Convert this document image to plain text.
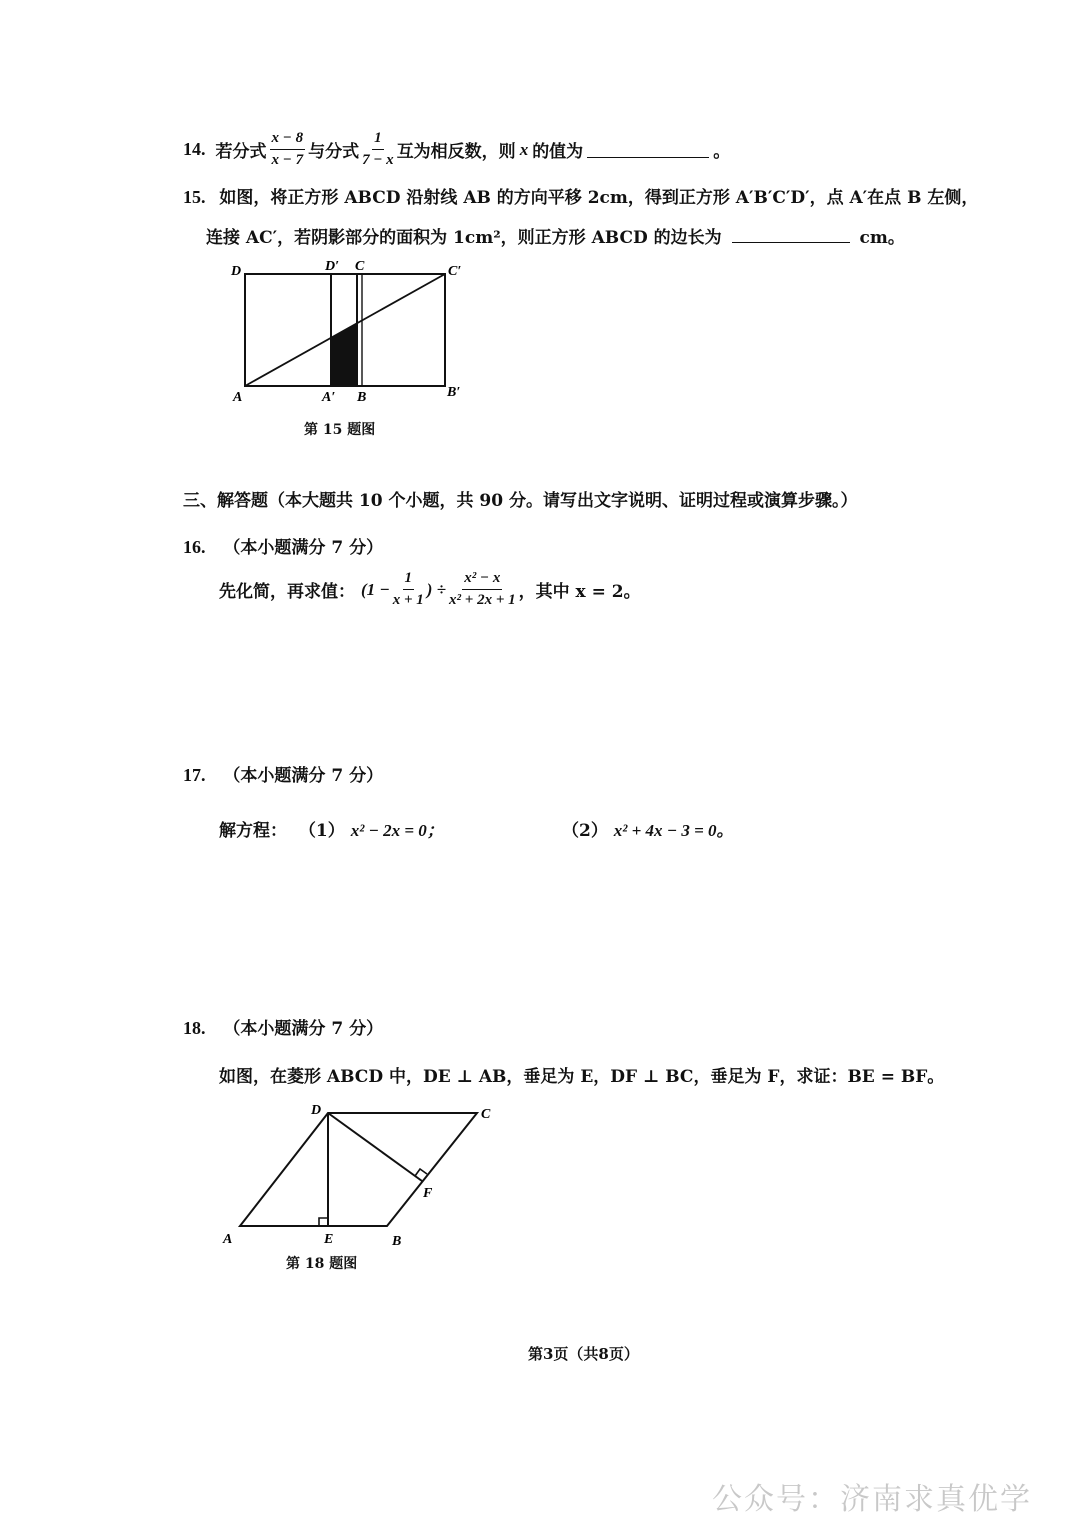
14. 若分式 $\frac{x - 8}{x - 7}$ 与分式 $\frac{1}{7 - x}$ 互为相反数，则 x 的值为	。
15. 如图，将正方形 ABCD 沿射线 AB 的方向平移 2cm，得到正方形 A′B′C′D′，点 A′在点 B 左侧，
连接 AC′，若阴影部分的面积为 1cm²，则正方形 ABCD 的边长为	cm。
D	D′ C	C′
A	A′ B	B′
第 15 题图
三、解答题（本大题共 10 个小题，共 90 分。请写出文字说明、证明过程或演算步骤。）
16. （本小题满分 7 分）
先化简，再求值： ($1 - \frac{1}{x + 1}$ ) ÷ $\frac{\text{x² − x}}{\text{x² + 2x + 1}}$ ，其中 x = 2。
17. （本小题满分 7 分）
解方程： （1） x² − 2x = 0；	（2） x² + 4x − 3 = 0。
18. （本小题满分 7 分）
如图，在菱形 ABCD 中，DE ⊥ AB，垂足为 E，DF ⊥ BC，垂足为 F，求证：BE = BF。
D	C
F
A	E	B
第 18 题图
第3页（共8页）
公众号：济南求真优学
